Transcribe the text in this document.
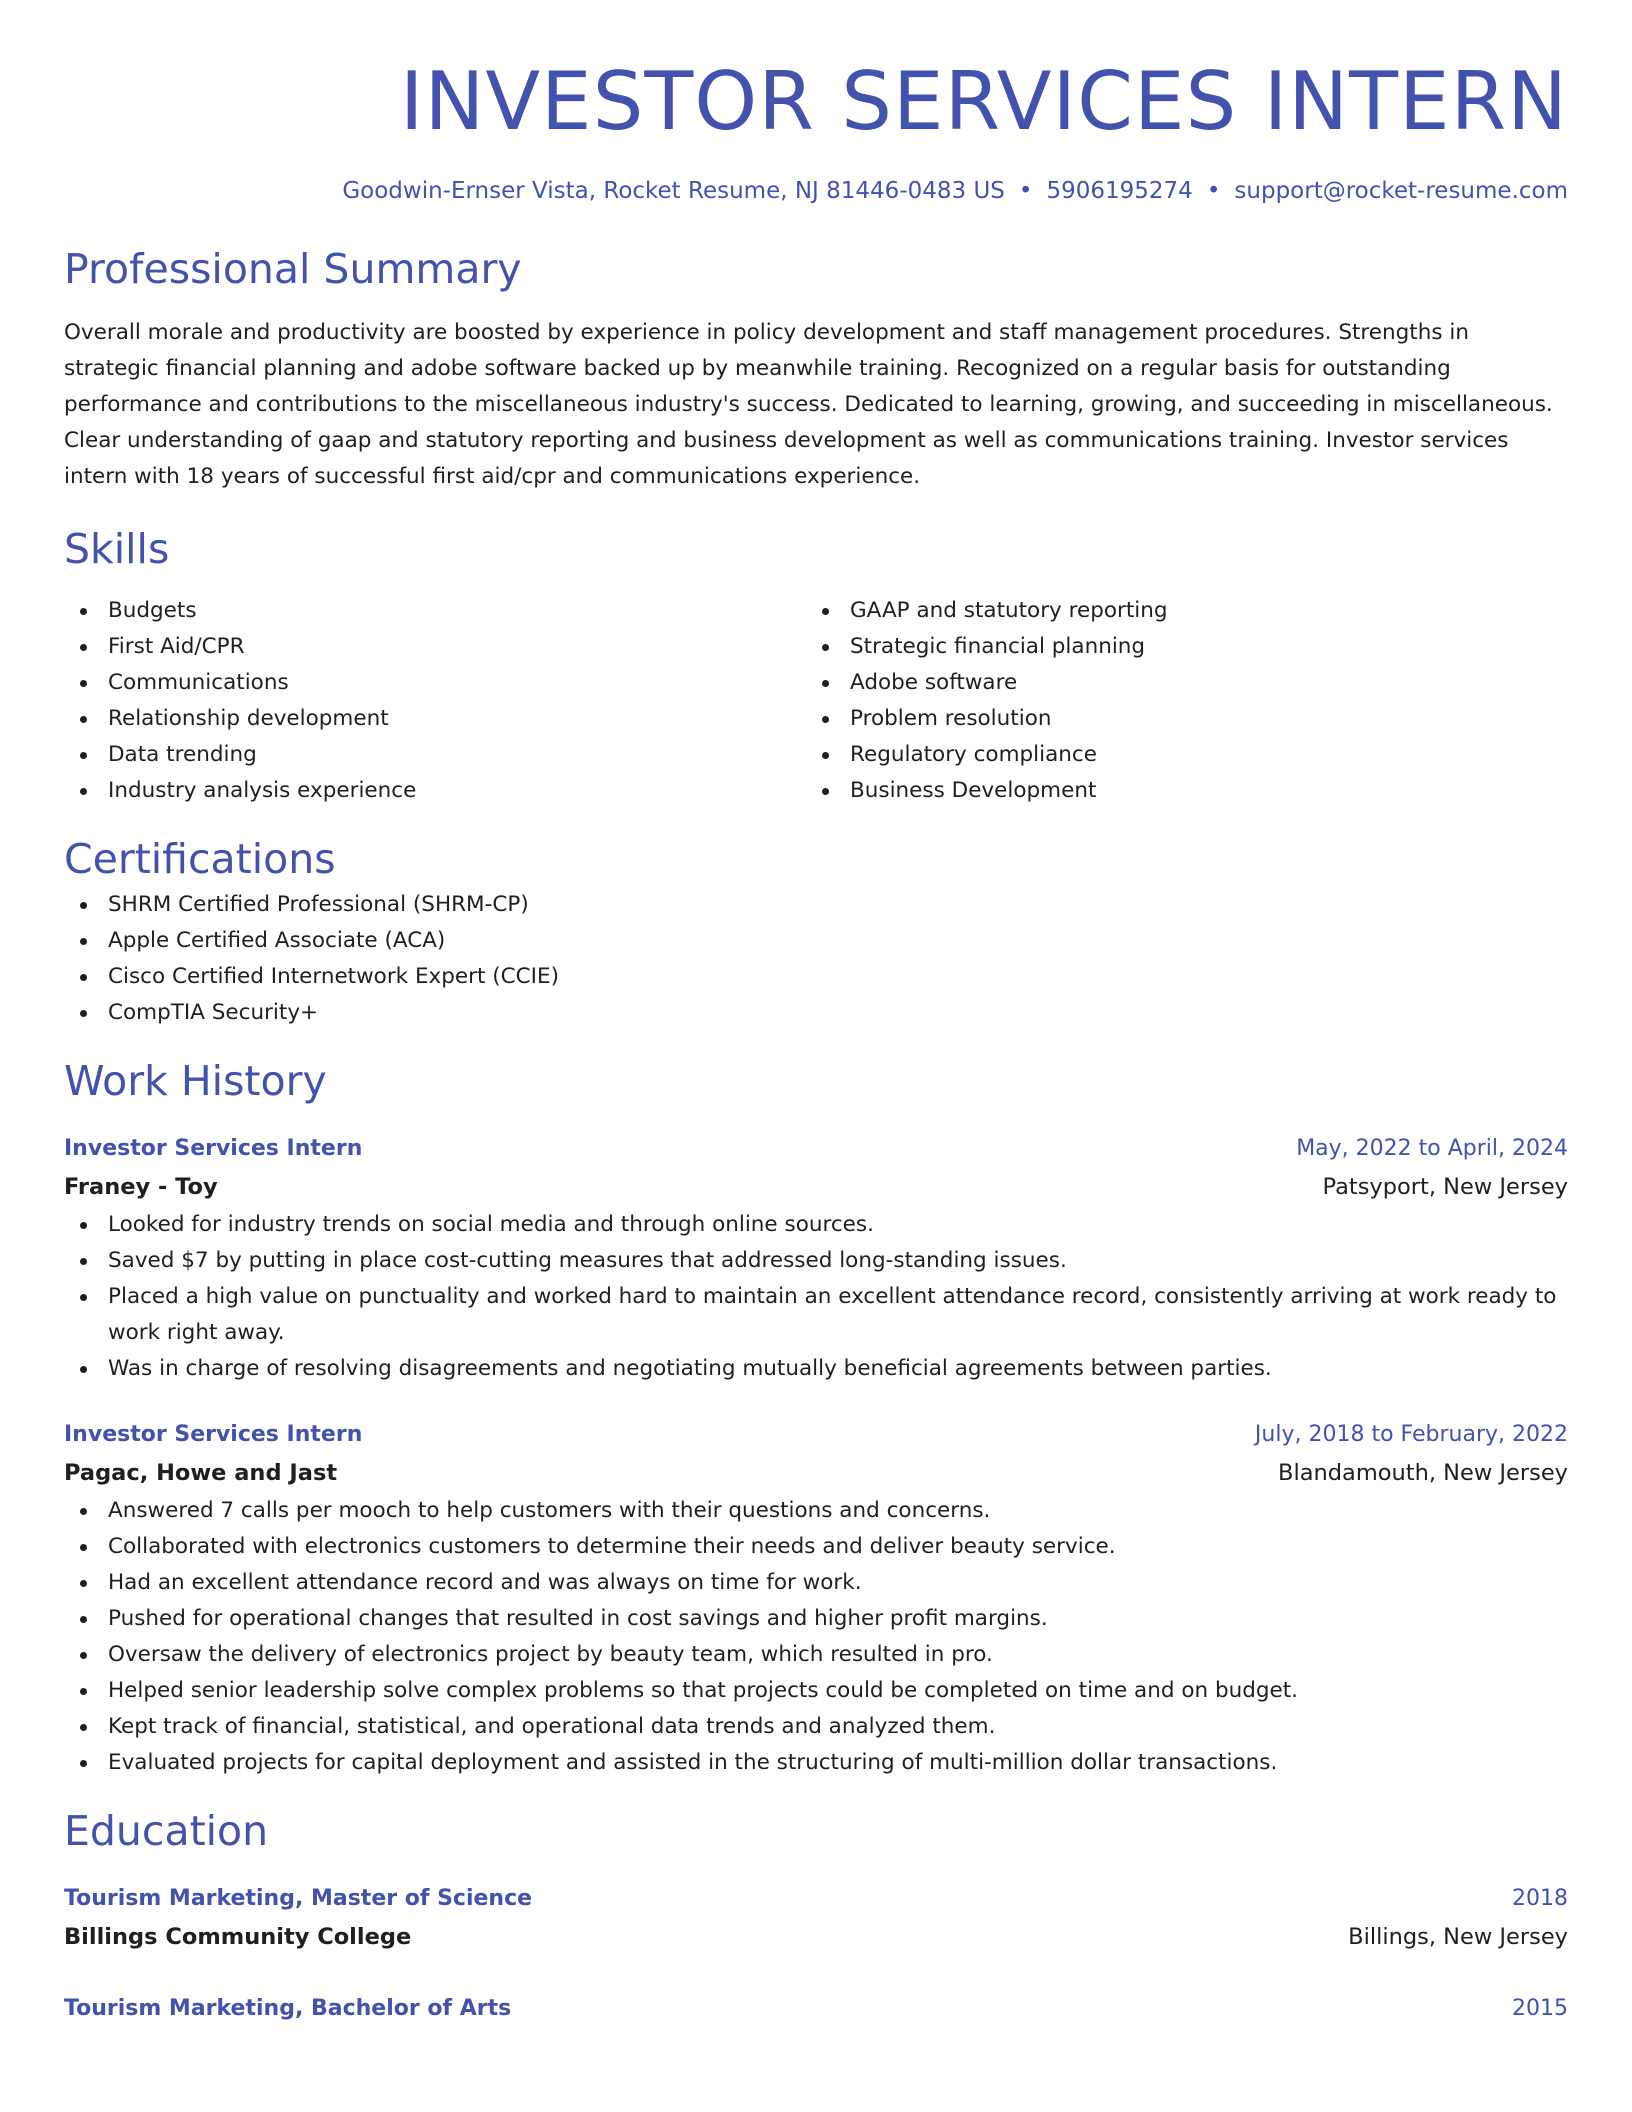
INVESTOR SERVICES INTERN
Goodwin-Ernser Vista, Rocket Resume, NJ 81446-0483 US • 5906195274 • support@rocket-resume.com
Professional Summary
Overall morale and productivity are boosted by experience in policy development and staff management procedures. Strengths in strategic financial planning and adobe software backed up by meanwhile training. Recognized on a regular basis for outstanding performance and contributions to the miscellaneous industry's success. Dedicated to learning, growing, and succeeding in miscellaneous. Clear understanding of gaap and statutory reporting and business development as well as communications training. Investor services intern with 18 years of successful first aid/cpr and communications experience.
Skills
Budgets
First Aid/CPR
Communications
Relationship development
Data trending
Industry analysis experience
GAAP and statutory reporting
Strategic financial planning
Adobe software
Problem resolution
Regulatory compliance
Business Development
Certifications
SHRM Certified Professional (SHRM-CP)
Apple Certified Associate (ACA)
Cisco Certified Internetwork Expert (CCIE)
CompTIA Security+
Work History
Investor Services Intern	May, 2022 to April, 2024
Franey - Toy	Patsyport, New Jersey
Looked for industry trends on social media and through online sources.
Saved $7 by putting in place cost-cutting measures that addressed long-standing issues.
Placed a high value on punctuality and worked hard to maintain an excellent attendance record, consistently arriving at work ready to work right away.
Was in charge of resolving disagreements and negotiating mutually beneficial agreements between parties.
Investor Services Intern	July, 2018 to February, 2022
Pagac, Howe and Jast	Blandamouth, New Jersey
Answered 7 calls per mooch to help customers with their questions and concerns.
Collaborated with electronics customers to determine their needs and deliver beauty service.
Had an excellent attendance record and was always on time for work.
Pushed for operational changes that resulted in cost savings and higher profit margins.
Oversaw the delivery of electronics project by beauty team, which resulted in pro.
Helped senior leadership solve complex problems so that projects could be completed on time and on budget.
Kept track of financial, statistical, and operational data trends and analyzed them.
Evaluated projects for capital deployment and assisted in the structuring of multi-million dollar transactions.
Education
Tourism Marketing, Master of Science	2018
Billings Community College	Billings, New Jersey
Tourism Marketing, Bachelor of Arts	2015
